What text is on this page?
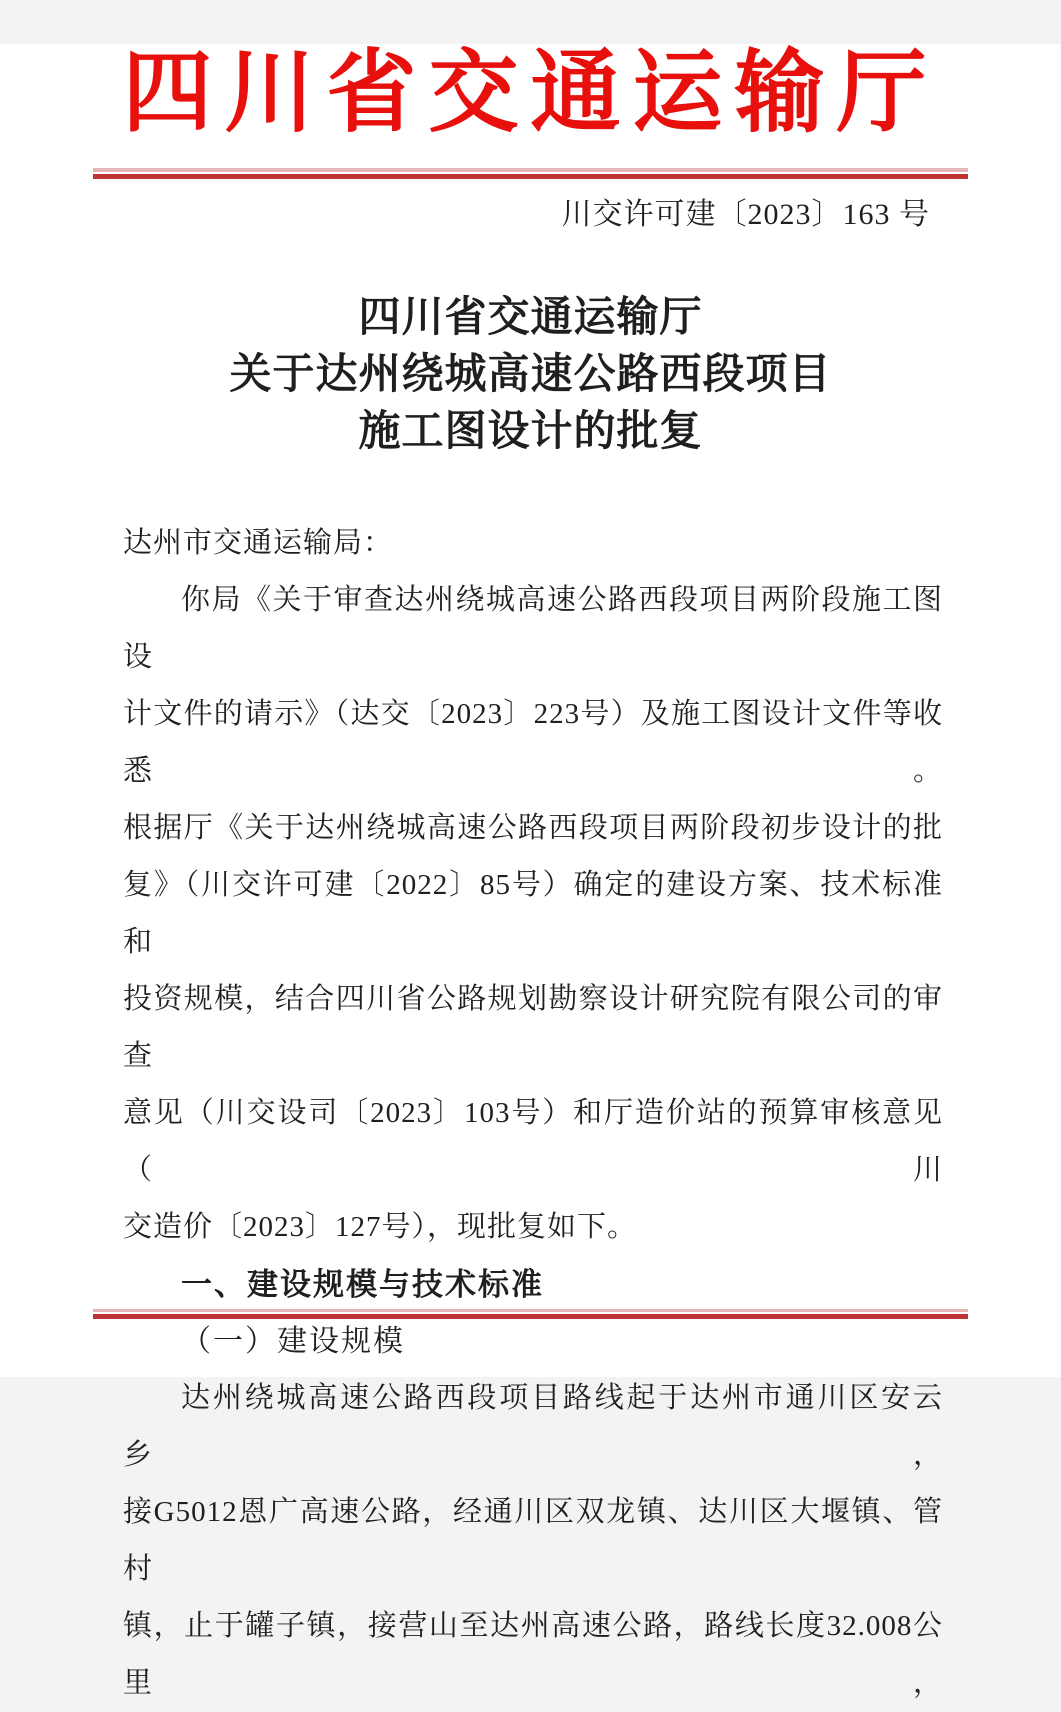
四川省交通运输厅
川交许可建〔2023〕163 号
四川省交通运输厅
关于达州绕城高速公路西段项目
施工图设计的批复
达州市交通运输局：
你局《关于审查达州绕城高速公路西段项目两阶段施工图设
计文件的请示》（达交〔2023〕223号）及施工图设计文件等收悉。
根据厅《关于达州绕城高速公路西段项目两阶段初步设计的批
复》（川交许可建〔2022〕85号）确定的建设方案、技术标准和
投资规模，结合四川省公路规划勘察设计研究院有限公司的审查
意见（川交设司〔2023〕103号）和厅造价站的预算审核意见（川
交造价〔2023〕127号），现批复如下。
一、建设规模与技术标准
（一）建设规模
达州绕城高速公路西段项目路线起于达州市通川区安云乡，
接G5012恩广高速公路，经通川区双龙镇、达川区大堰镇、管村
镇，止于罐子镇，接营山至达州高速公路，路线长度32.008公里，
